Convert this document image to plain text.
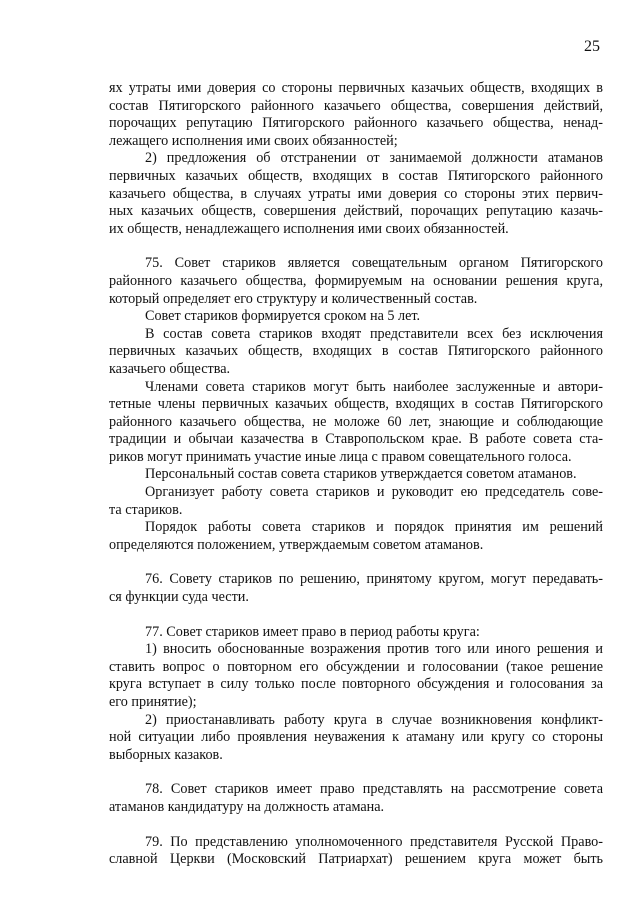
25
ях утраты ими доверия со стороны первичных казачьих обществ, входящих в
состав Пятигорского районного казачьего общества, совершения действий,
порочащих репутацию Пятигорского районного казачьего общества, ненад-
лежащего исполнения ими своих обязанностей;
2) предложения об отстранении от занимаемой должности атаманов
первичных казачьих обществ, входящих в состав Пятигорского районного
казачьего общества, в случаях утраты ими доверия со стороны этих первич-
ных казачьих обществ, совершения действий, порочащих репутацию казачь-
их обществ, ненадлежащего исполнения ими своих обязанностей.
75. Совет стариков является совещательным органом Пятигорского
районного казачьего общества, формируемым на основании решения круга,
который определяет его структуру и количественный состав.
Совет стариков формируется сроком на 5 лет.
В состав совета стариков входят представители всех без исключения
первичных казачьих обществ, входящих в состав Пятигорского районного
казачьего общества.
Членами совета стариков могут быть наиболее заслуженные и автори-
тетные члены первичных казачьих обществ, входящих в состав Пятигорского
районного казачьего общества, не моложе 60 лет, знающие и соблюдающие
традиции и обычаи казачества в Ставропольском крае. В работе совета ста-
риков могут принимать участие иные лица с правом совещательного голоса.
Персональный состав совета стариков утверждается советом атаманов.
Организует работу совета стариков и руководит ею председатель сове-
та стариков.
Порядок работы совета стариков и порядок принятия им решений
определяются положением, утверждаемым советом атаманов.
76. Совету стариков по решению, принятому кругом, могут передавать-
ся функции суда чести.
77. Совет стариков имеет право в период работы круга:
1) вносить обоснованные возражения против того или иного решения и
ставить вопрос о повторном его обсуждении и голосовании (такое решение
круга вступает в силу только после повторного обсуждения и голосования за
его принятие);
2) приостанавливать работу круга в случае возникновения конфликт-
ной ситуации либо проявления неуважения к атаману или кругу со стороны
выборных казаков.
78. Совет стариков имеет право представлять на рассмотрение совета
атаманов кандидатуру на должность атамана.
79. По представлению уполномоченного представителя Русской Право-
славной Церкви (Московский Патриархат) решением круга может быть
